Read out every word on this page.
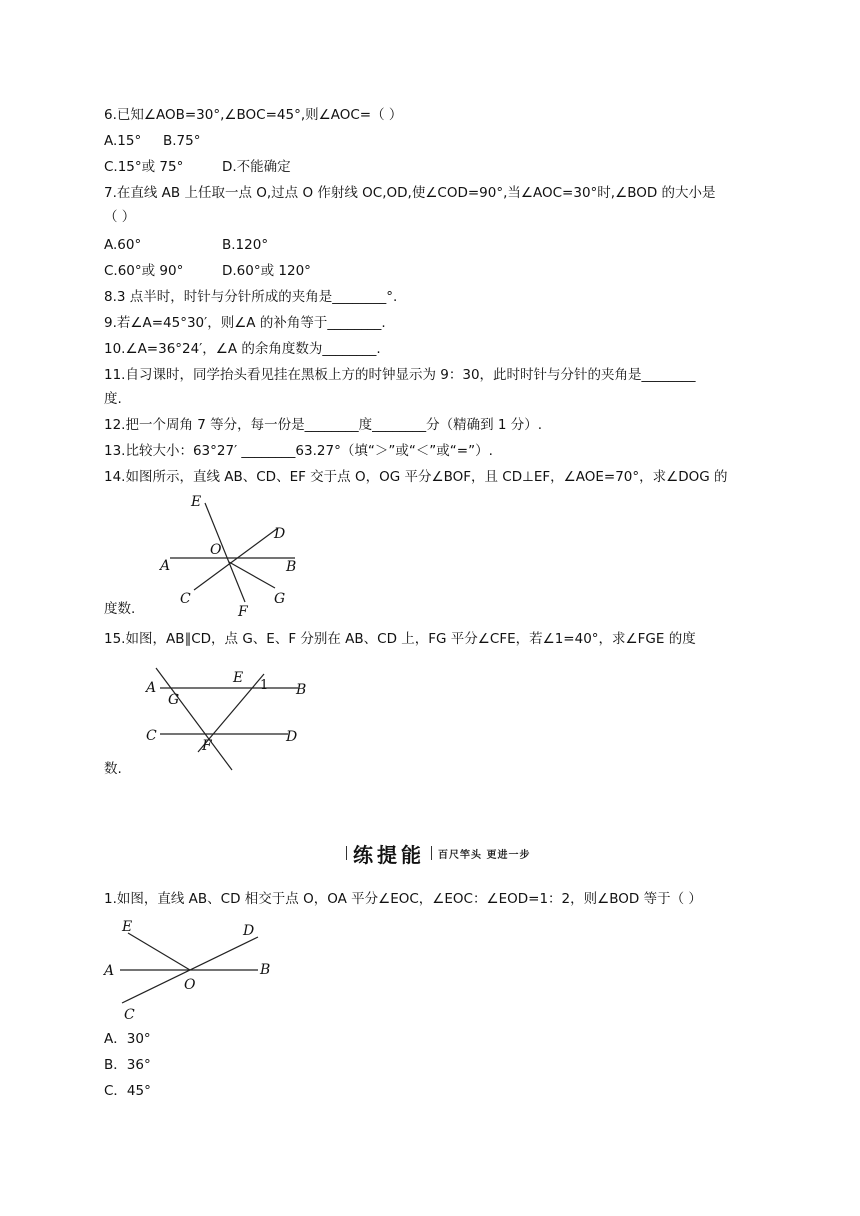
6.已知∠AOB=30°,∠BOC=45°,则∠AOC=（ ）
A.15° B.75°
C.15°或 75°	D.不能确定
7.在直线 AB 上任取一点 O,过点 O 作射线 OC,OD,使∠COD=90°,当∠AOC=30°时,∠BOD 的大小是
（ ）
A.60°	B.120°
C.60°或 90°	D.60°或 120°
8.3 点半时，时针与分针所成的夹角是________°.
9.若∠A=45°30′，则∠A 的补角等于________.
10.∠A=36°24′，∠A 的余角度数为________.
11.自习课时，同学抬头看见挂在黑板上方的时钟显示为 9：30，此时时针与分针的夹角是________
度.
12.把一个周角 7 等分，每一份是________度________分（精确到 1 分）.
13.比较大小：63°27′ ________63.27°（填“＞”或“＜”或“=”）.
14.如图所示，直线 AB、CD、EF 交于点 O，OG 平分∠BOF，且 CD⊥EF，∠AOE=70°，求∠DOG 的
E
D
O
A	B
C	G
F
度数.
15.如图，AB∥CD，点 G、E、F 分别在 AB、CD 上，FG 平分∠CFE，若∠1=40°，求∠FGE 的度
A
G
E 1 B
C
F
D
数.
练提能 百尺竿头 更进一步
1.如图，直线 AB、CD 相交于点 O，OA 平分∠EOC，∠EOC：∠EOD=1：2，则∠BOD 等于（ ）
E	D
A	B
O
C
A．30°
B．36°
C．45°
